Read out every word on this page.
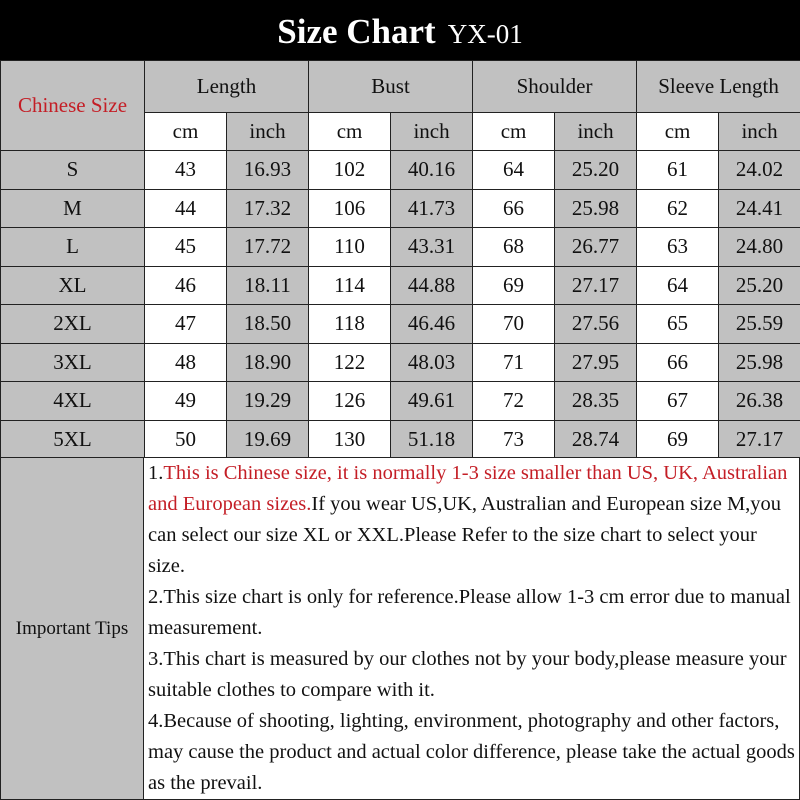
Size Chart YX-01
Chinese Size	Length		Bust		Shoulder		Sleeve Length	
	cm	inch	cm	inch	cm	inch	cm	inch
S	43	16.93	102	40.16	64	25.20	61	24.02
M	44	17.32	106	41.73	66	25.98	62	24.41
L	45	17.72	110	43.31	68	26.77	63	24.80
XL	46	18.11	114	44.88	69	27.17	64	25.20
2XL	47	18.50	118	46.46	70	27.56	65	25.59
3XL	48	18.90	122	48.03	71	27.95	66	25.98
4XL	49	19.29	126	49.61	72	28.35	67	26.38
5XL	50	19.69	130	51.18	73	28.74	69	27.17
Important Tips

1.This is Chinese size, it is normally 1-3 size smaller than US, UK, Australian and European sizes.If you wear US,UK, Australian and European size M,you can select our size XL or XXL.Please Refer to the size chart to select your size.

2.This size chart is only for reference.Please allow 1-3 cm error due to manual measurement.

3.This chart is measured by our clothes not by your body,please measure your suitable clothes to compare with it.

4.Because of shooting, lighting, environment, photography and other factors, may cause the product and actual color difference, please take the actual goods as the prevail.
